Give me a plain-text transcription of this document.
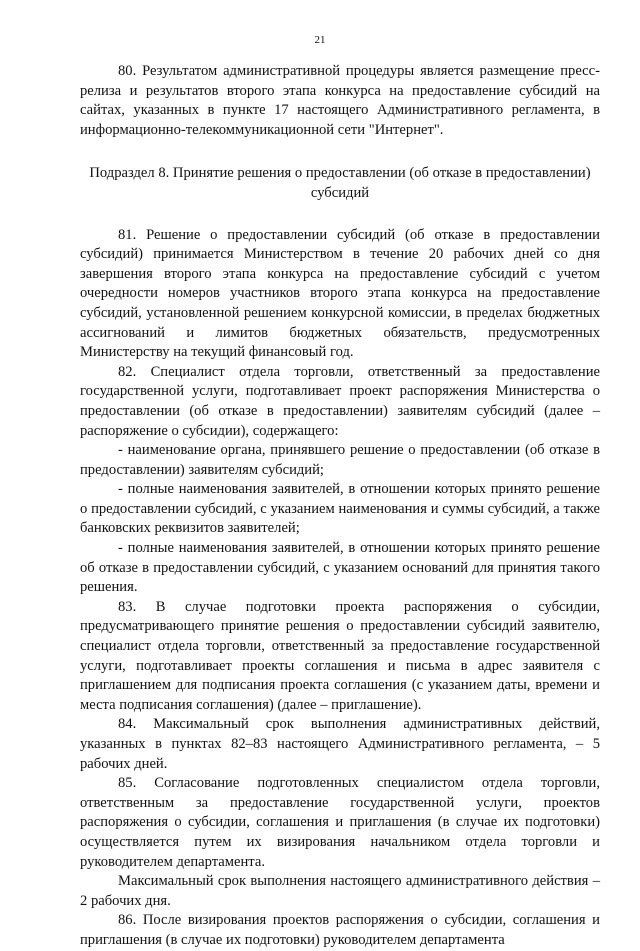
21

80. Результатом административной процедуры является размещение пресс-релиза и результатов второго этапа конкурса на предоставление субсидий на сайтах, указанных в пункте 17 настоящего Административного регламента, в информационно-телекоммуникационной сети "Интернет".

Подраздел 8. Принятие решения о предоставлении (об отказе в предоставлении) субсидий

81. Решение о предоставлении субсидий (об отказе в предоставлении субсидий) принимается Министерством в течение 20 рабочих дней со дня завершения второго этапа конкурса на предоставление субсидий с учетом очередности номеров участников второго этапа конкурса на предоставление субсидий, установленной решением конкурсной комиссии, в пределах бюджетных ассигнований и лимитов бюджетных обязательств, предусмотренных Министерству на текущий финансовый год.

82. Специалист отдела торговли, ответственный за предоставление государственной услуги, подготавливает проект распоряжения Министерства о предоставлении (об отказе в предоставлении) заявителям субсидий (далее – распоряжение о субсидии), содержащего:

- наименование органа, принявшего решение о предоставлении (об отказе в предоставлении) заявителям субсидий;

- полные наименования заявителей, в отношении которых принято решение о предоставлении субсидий, с указанием наименования и суммы субсидий, а также банковских реквизитов заявителей;

- полные наименования заявителей, в отношении которых принято решение об отказе в предоставлении субсидий, с указанием оснований для принятия такого решения.

83. В случае подготовки проекта распоряжения о субсидии, предусматривающего принятие решения о предоставлении субсидий заявителю, специалист отдела торговли, ответственный за предоставление государственной услуги, подготавливает проекты соглашения и письма в адрес заявителя с приглашением для подписания проекта соглашения (с указанием даты, времени и места подписания соглашения) (далее – приглашение).

84. Максимальный срок выполнения административных действий, указанных в пунктах 82–83 настоящего Административного регламента, – 5 рабочих дней.

85. Согласование подготовленных специалистом отдела торговли, ответственным за предоставление государственной услуги, проектов распоряжения о субсидии, соглашения и приглашения (в случае их подготовки) осуществляется путем их визирования начальником отдела торговли и руководителем департамента.

Максимальный срок выполнения настоящего административного действия – 2 рабочих дня.

86. После визирования проектов распоряжения о субсидии, соглашения и приглашения (в случае их подготовки) руководителем департамента
